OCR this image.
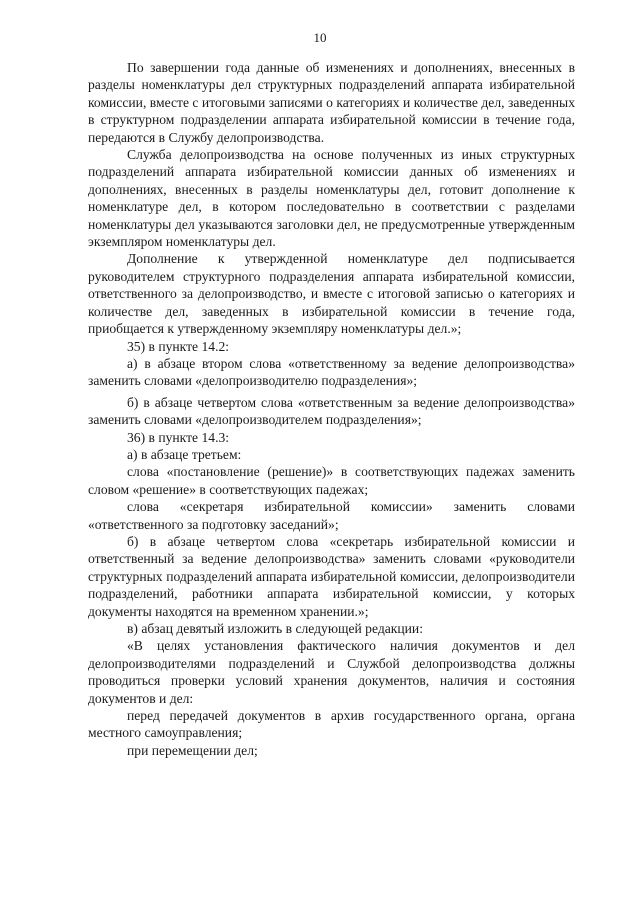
10

По завершении года данные об изменениях и дополнениях, внесенных в разделы номенклатуры дел структурных подразделений аппарата избирательной комиссии, вместе с итоговыми записями о категориях и количестве дел, заведенных в структурном подразделении аппарата избирательной комиссии в течение года, передаются в Службу делопроизводства.

Служба делопроизводства на основе полученных из иных структурных подразделений аппарата избирательной комиссии данных об изменениях и дополнениях, внесенных в разделы номенклатуры дел, готовит дополнение к номенклатуре дел, в котором последовательно в соответствии с разделами номенклатуры дел указываются заголовки дел, не предусмотренные утвержденным экземпляром номенклатуры дел.

Дополнение к утвержденной номенклатуре дел подписывается руководителем структурного подразделения аппарата избирательной комиссии, ответственного за делопроизводство, и вместе с итоговой записью о категориях и количестве дел, заведенных в избирательной комиссии в течение года, приобщается к утвержденному экземпляру номенклатуры дел.»;

35) в пункте 14.2:

а) в абзаце втором слова «ответственному за ведение делопроизводства» заменить словами «делопроизводителю подразделения»;

б) в абзаце четвертом слова «ответственным за ведение делопроизводства» заменить словами «делопроизводителем подразделения»;

36) в пункте 14.3:

а) в абзаце третьем:

слова «постановление (решение)» в соответствующих падежах заменить словом «решение» в соответствующих падежах;

слова «секретаря избирательной комиссии» заменить словами «ответственного за подготовку заседаний»;

б) в абзаце четвертом слова «секретарь избирательной комиссии и ответственный за ведение делопроизводства» заменить словами «руководители структурных подразделений аппарата избирательной комиссии, делопроизводители подразделений, работники аппарата избирательной комиссии, у которых документы находятся на временном хранении.»;

в) абзац девятый изложить в следующей редакции:

«В целях установления фактического наличия документов и дел делопроизводителями подразделений и Службой делопроизводства должны проводиться проверки условий хранения документов, наличия и состояния документов и дел:

перед передачей документов в архив государственного органа, органа местного самоуправления;

при перемещении дел;
